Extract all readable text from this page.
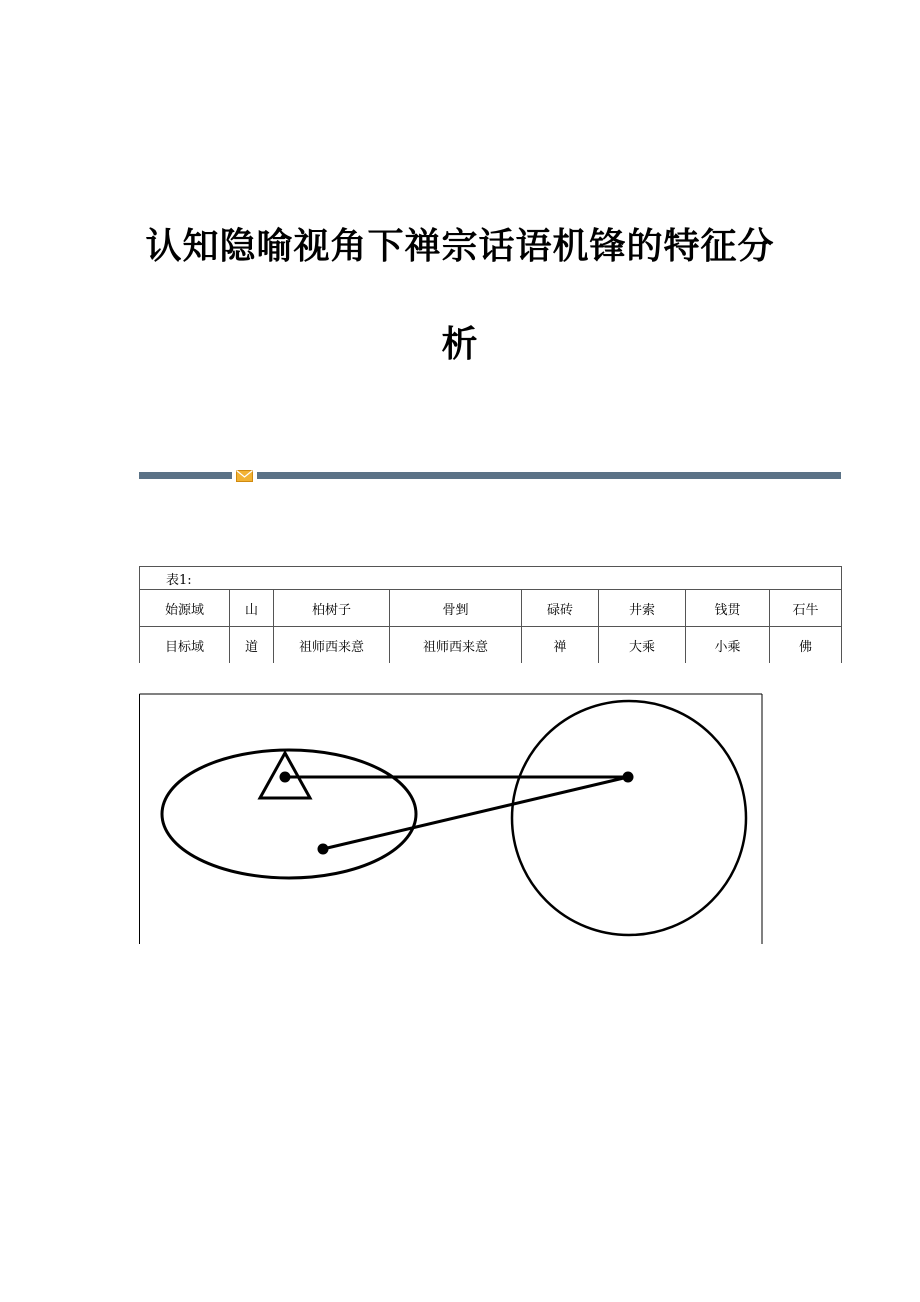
认知隐喻视角下禅宗话语机锋的特征分
析
表1:							
始源域	山	柏树子	骨剉	碌砖	井索	钱贯	石牛
目标域	道	祖师西来意	祖师西来意	禅	大乘	小乘	佛
